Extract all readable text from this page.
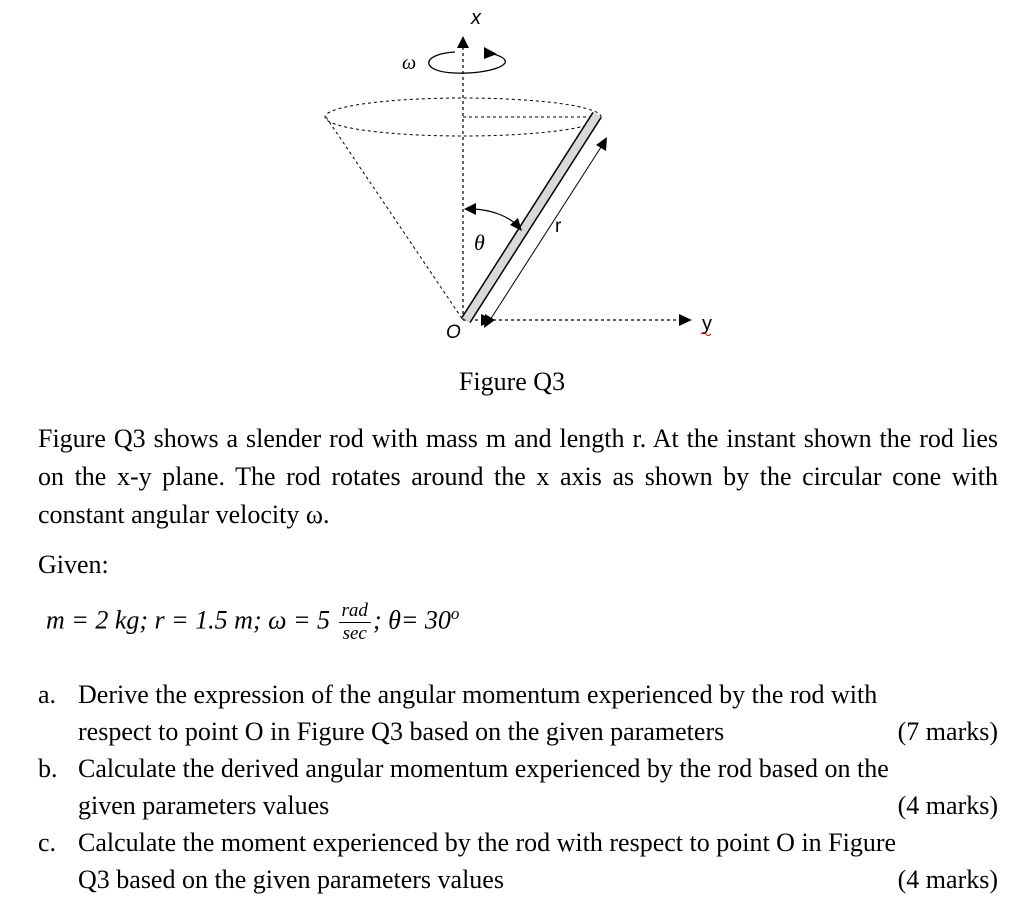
x
y
ω
θ
r
O
Figure Q3
Figure Q3 shows a slender rod with mass m and length r. At the instant shown the rod lies on the x-y plane. The rod rotates around the x axis as shown by the circular cone with constant angular velocity ω.
Given:
m = 2 kg; r = 1.5 m; $\omega = 5 \frac{\text{rad}}{\sec}$ ; $\theta= 30^o$
a. Derive the expression of the angular momentum experienced by the rod with
respect to point O in Figure Q3 based on the given parameters	(7 marks)
b. Calculate the derived angular momentum experienced by the rod based on the
given parameters values	(4 marks)
c. Calculate the moment experienced by the rod with respect to point O in Figure
Q3 based on the given parameters values	(4 marks)
